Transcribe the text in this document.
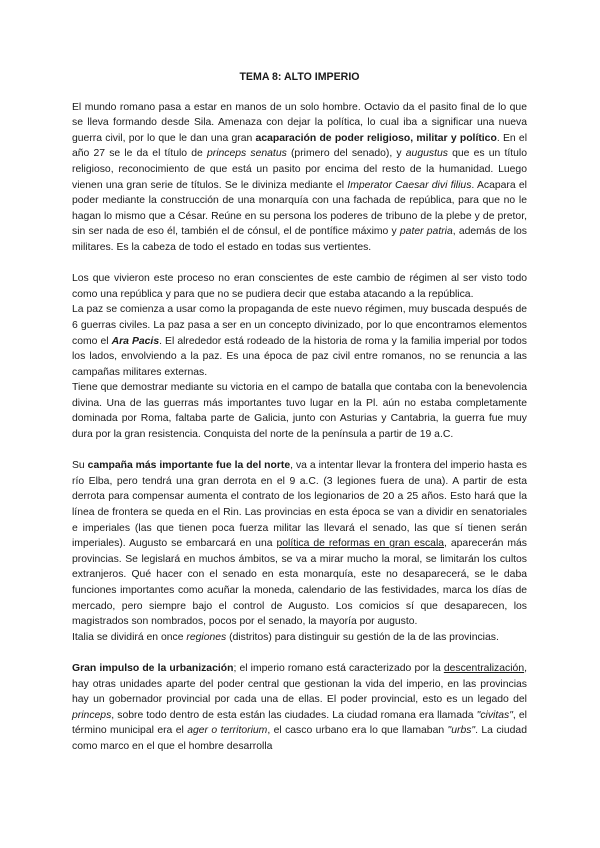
TEMA 8: ALTO IMPERIO

El mundo romano pasa a estar en manos de un solo hombre. Octavio da el pasito final de lo que se lleva formando desde Sila. Amenaza con dejar la política, lo cual iba a significar una nueva guerra civil, por lo que le dan una gran acaparación de poder religioso, militar y político. En el año 27 se le da el título de princeps senatus (primero del senado), y augustus que es un título religioso, reconocimiento de que está un pasito por encima del resto de la humanidad. Luego vienen una gran serie de títulos. Se le diviniza mediante el Imperator Caesar divi filius. Acapara el poder mediante la construcción de una monarquía con una fachada de república, para que no le hagan lo mismo que a César. Reúne en su persona los poderes de tribuno de la plebe y de pretor, sin ser nada de eso él, también el de cónsul, el de pontífice máximo y pater patria, además de los militares. Es la cabeza de todo el estado en todas sus vertientes.

Los que vivieron este proceso no eran conscientes de este cambio de régimen al ser visto todo como una república y para que no se pudiera decir que estaba atacando a la república.

La paz se comienza a usar como la propaganda de este nuevo régimen, muy buscada después de 6 guerras civiles. La paz pasa a ser en un concepto divinizado, por lo que encontramos elementos como el Ara Pacis. El alrededor está rodeado de la historia de roma y la familia imperial por todos los lados, envolviendo a la paz. Es una época de paz civil entre romanos, no se renuncia a las campañas militares externas.

Tiene que demostrar mediante su victoria en el campo de batalla que contaba con la benevolencia divina. Una de las guerras más importantes tuvo lugar en la Pl. aún no estaba completamente dominada por Roma, faltaba parte de Galicia, junto con Asturias y Cantabria, la guerra fue muy dura por la gran resistencia. Conquista del norte de la península a partir de 19 a.C.

Su campaña más importante fue la del norte, va a intentar llevar la frontera del imperio hasta es río Elba, pero tendrá una gran derrota en el 9 a.C. (3 legiones fuera de una). A partir de esta derrota para compensar aumenta el contrato de los legionarios de 20 a 25 años. Esto hará que la línea de frontera se queda en el Rin. Las provincias en esta época se van a dividir en senatoriales e imperiales (las que tienen poca fuerza militar las llevará el senado, las que sí tienen serán imperiales). Augusto se embarcará en una política de reformas en gran escala, aparecerán más provincias. Se legislará en muchos ámbitos, se va a mirar mucho la moral, se limitarán los cultos extranjeros. Qué hacer con el senado en esta monarquía, este no desaparecerá, se le daba funciones importantes como acuñar la moneda, calendario de las festividades, marca los días de mercado, pero siempre bajo el control de Augusto. Los comicios sí que desaparecen, los magistrados son nombrados, pocos por el senado, la mayoría por augusto.

Italia se dividirá en once regiones (distritos) para distinguir su gestión de la de las provincias.

Gran impulso de la urbanización; el imperio romano está caracterizado por la descentralización, hay otras unidades aparte del poder central que gestionan la vida del imperio, en las provincias hay un gobernador provincial por cada una de ellas. El poder provincial, esto es un legado del princeps, sobre todo dentro de esta están las ciudades. La ciudad romana era llamada "civitas", el término municipal era el ager o territorium, el casco urbano era lo que llamaban "urbs". La ciudad como marco en el que el hombre desarrolla
